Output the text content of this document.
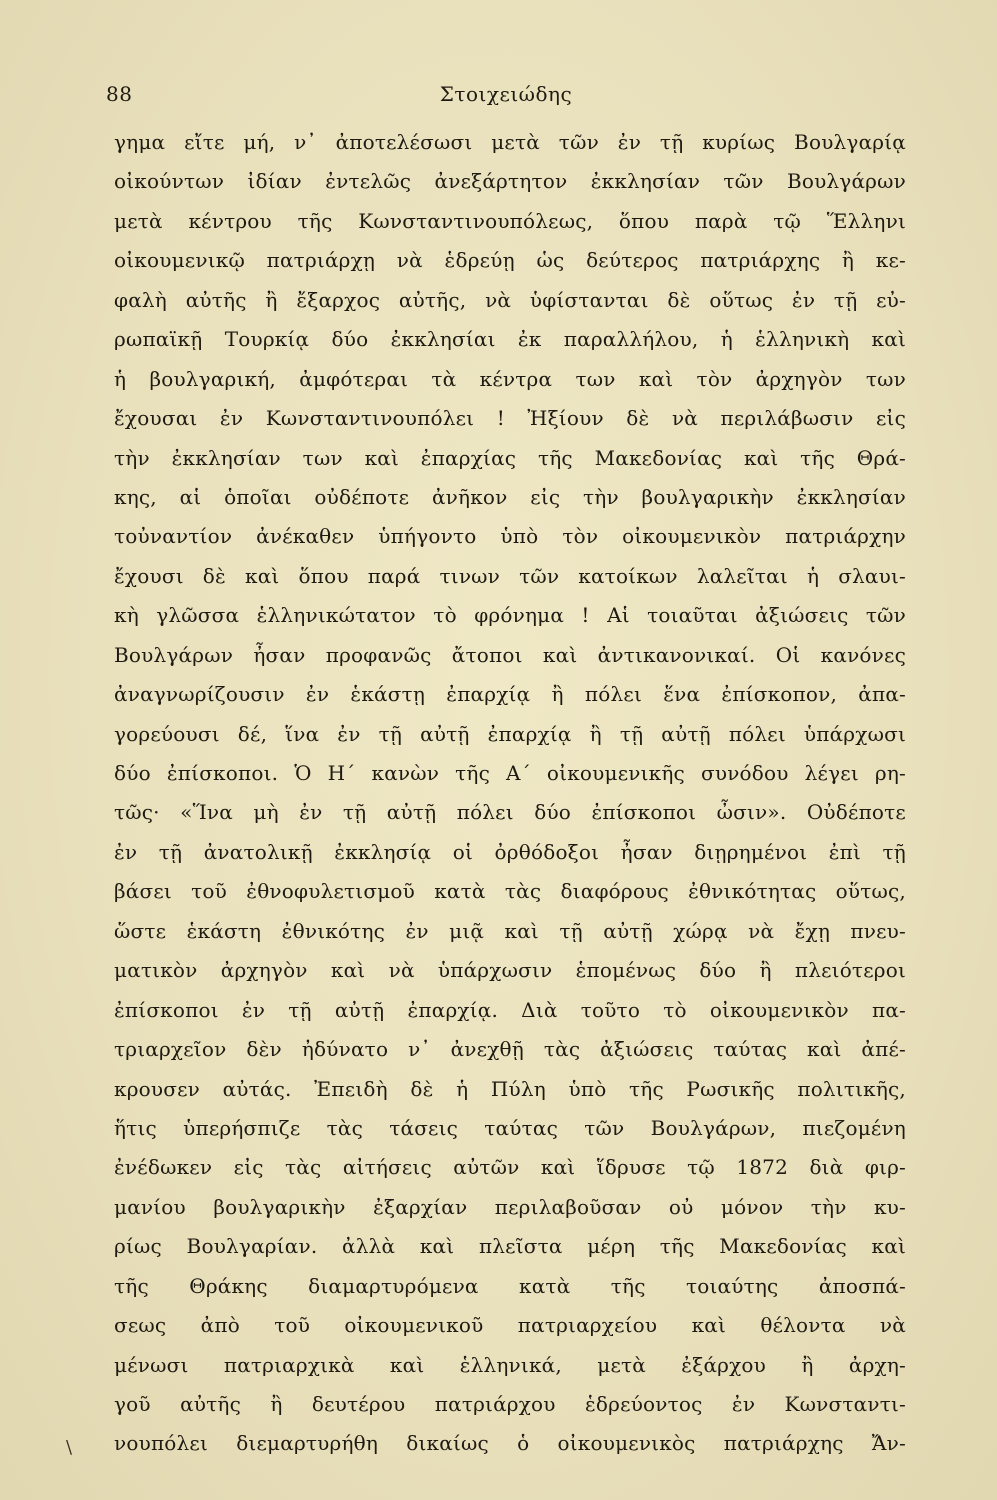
88	Στοιχειώδης
γημα εἴτε μή, ν᾽ ἀποτελέσωσι μετὰ τῶν ἐν τῇ κυρίως Βουλγαρίᾳ
οἰκούντων ἰδίαν ἐντελῶς ἀνεξάρτητον ἐκκλησίαν τῶν Βουλγάρων
μετὰ κέντρου τῆς Κωνσταντινουπόλεως, ὅπου παρὰ τῷ Ἕλληνι
οἰκουμενικῷ πατριάρχῃ νὰ ἑδρεύῃ ὡς δεύτερος πατριάρχης ἢ κε-
φαλὴ αὐτῆς ἢ ἔξαρχος αὐτῆς, νὰ ὑφίστανται δὲ οὕτως ἐν τῇ εὐ-
ρωπαϊκῇ Τουρκίᾳ δύο ἐκκλησίαι ἐκ παραλλήλου, ἡ ἑλληνικὴ καὶ
ἡ βουλγαρική, ἀμφότεραι τὰ κέντρα των καὶ τὸν ἀρχηγὸν των
ἔχουσαι ἐν Κωνσταντινουπόλει ! Ἠξίουν δὲ νὰ περιλάβωσιν εἰς
τὴν ἐκκλησίαν των καὶ ἐπαρχίας τῆς Μακεδονίας καὶ τῆς Θρά-
κης, αἱ ὁποῖαι οὐδέποτε ἀνῆκον εἰς τὴν βουλγαρικὴν ἐκκλησίαν
τοὐναντίον ἀνέκαθεν ὑπήγοντο ὑπὸ τὸν οἰκουμενικὸν πατριάρχην
ἔχουσι δὲ καὶ ὅπου παρά τινων τῶν κατοίκων λαλεῖται ἡ σλαυι-
κὴ γλῶσσα ἑλληνικώτατον τὸ φρόνημα ! Αἱ τοιαῦται ἀξιώσεις τῶν
Βουλγάρων ἦσαν προφανῶς ἄτοποι καὶ ἀντικανονικαί. Οἱ κανόνες
ἀναγνωρίζουσιν ἐν ἑκάστῃ ἐπαρχίᾳ ἢ πόλει ἕνα ἐπίσκοπον, ἀπα-
γορεύουσι δέ, ἵνα ἐν τῇ αὐτῇ ἐπαρχίᾳ ἢ τῇ αὐτῇ πόλει ὑπάρχωσι
δύο ἐπίσκοποι. Ὁ Η΄ κανὼν τῆς Α΄ οἰκουμενικῆς συνόδου λέγει ρη-
τῶς· «Ἵνα μὴ ἐν τῇ αὐτῇ πόλει δύο ἐπίσκοποι ὦσιν». Οὐδέποτε
ἐν τῇ ἀνατολικῇ ἐκκλησίᾳ οἱ ὀρθόδοξοι ἦσαν διῃρημένοι ἐπὶ τῇ
βάσει τοῦ ἐθνοφυλετισμοῦ κατὰ τὰς διαφόρους ἐθνικότητας οὕτως,
ὥστε ἑκάστη ἐθνικότης ἐν μιᾷ καὶ τῇ αὐτῇ χώρᾳ νὰ ἔχῃ πνευ-
ματικὸν ἀρχηγὸν καὶ νὰ ὑπάρχωσιν ἑπομένως δύο ἢ πλειότεροι
ἐπίσκοποι ἐν τῇ αὐτῇ ἐπαρχίᾳ. Διὰ τοῦτο τὸ οἰκουμενικὸν πα-
τριαρχεῖον δὲν ἠδύνατο ν᾽ ἀνεχθῇ τὰς ἀξιώσεις ταύτας καὶ ἀπέ-
κρουσεν αὐτάς. Ἐπειδὴ δὲ ἡ Πύλη ὑπὸ τῆς Ρωσικῆς πολιτικῆς,
ἥτις ὑπερήσπιζε τὰς τάσεις ταύτας τῶν Βουλγάρων, πιεζομένη
ἐνέδωκεν εἰς τὰς αἰτήσεις αὐτῶν καὶ ἵδρυσε τῷ 1872 διὰ φιρ-
μανίου βουλγαρικὴν ἐξαρχίαν περιλαβοῦσαν οὐ μόνον τὴν κυ-
ρίως Βουλγαρίαν. ἀλλὰ καὶ πλεῖστα μέρη τῆς Μακεδονίας καὶ
τῆς Θράκης διαμαρτυρόμενα κατὰ τῆς τοιαύτης ἀποσπά-
σεως ἀπὸ τοῦ οἰκουμενικοῦ πατριαρχείου καὶ θέλοντα νὰ
μένωσι πατριαρχικὰ καὶ ἑλληνικά, μετὰ ἐξάρχου ἢ ἀρχη-
γοῦ αὐτῆς ἢ δευτέρου πατριάρχου ἑδρεύοντος ἐν Κωνσταντι-
νουπόλει διεμαρτυρήθη δικαίως ὁ οἰκουμενικὸς πατριάρχης Ἄν-
\
